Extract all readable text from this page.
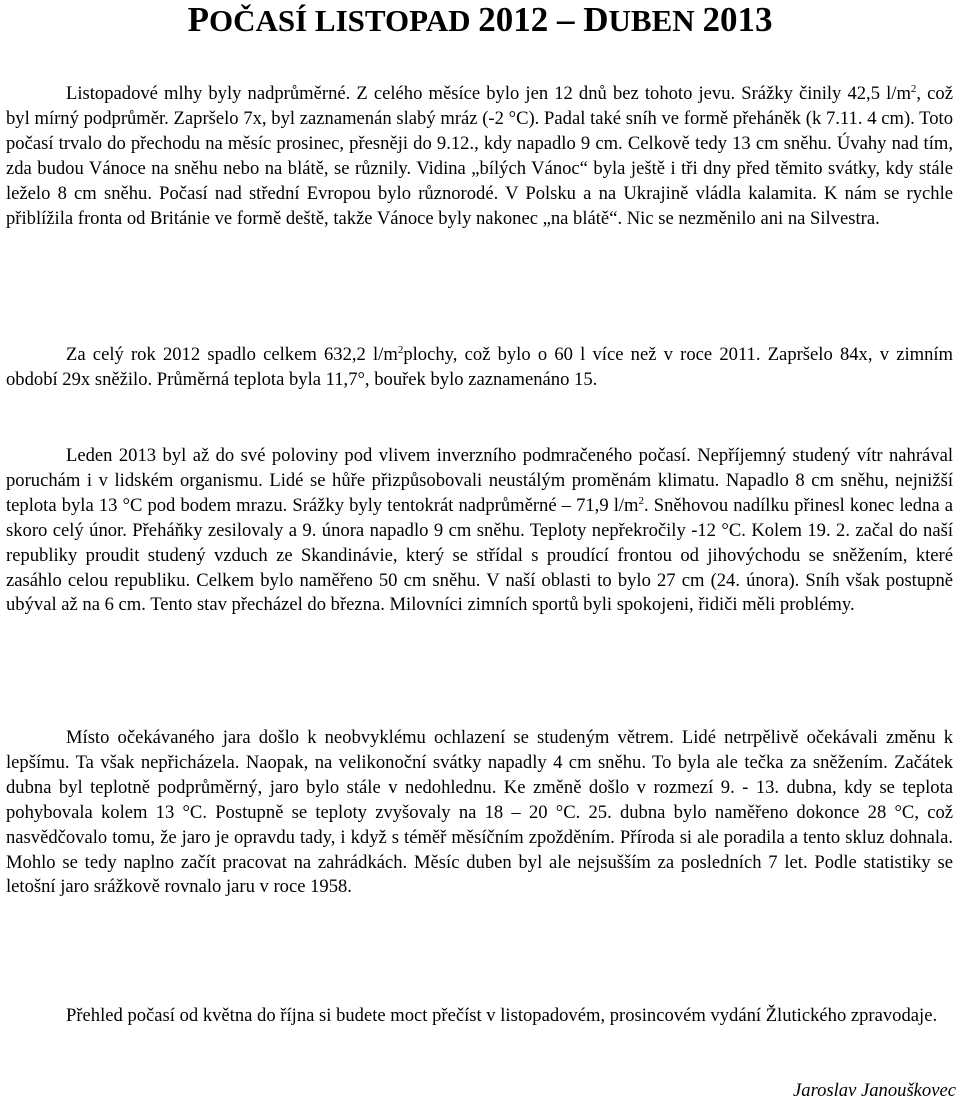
POČASÍ LISTOPAD 2012 – DUBEN 2013

Listopadové mlhy byly nadprůměrné. Z celého měsíce bylo jen 12 dnů bez tohoto jevu. Srážky činily 42,5 $l/m^2$, což byl mírný podprůměr. Zapršelo 7x, byl zaznamenán slabý mráz (-2 °C). Padal také sníh ve formě přeháněk (k 7.11. 4 cm). Toto počasí trvalo do přechodu na měsíc prosinec, přesněji do 9.12., kdy napadlo 9 cm. Celkově tedy 13 cm sněhu. Úvahy nad tím, zda budou Vánoce na sněhu nebo na blátě, se různily. Vidina „bílých Vánoc“ byla ještě i tři dny před těmito svátky, kdy stále leželo 8 cm sněhu. Počasí nad střední Evropou bylo různorodé. V Polsku a na Ukrajině vládla kalamita. K nám se rychle přiblížila fronta od Británie ve formě deště, takže Vánoce byly nakonec „na blátě“. Nic se nezměnilo ani na Silvestra.

Za celý rok 2012 spadlo celkem 632,2 $l/m^2plochy$, což bylo o 60 l více než v roce 2011. Zapršelo 84x, v zimním období 29x sněžilo. Průměrná teplota byla 11,7°, bouřek bylo zaznamenáno 15.

Leden 2013 byl až do své poloviny pod vlivem inverzního podmračeného počasí. Nepříjemný studený vítr nahrával poruchám i v lidském organismu. Lidé se hůře přizpůsobovali neustálým proměnám klimatu. Napadlo 8 cm sněhu, nejnižší teplota byla 13 °C pod bodem mrazu. Srážky byly tentokrát nadprůměrné – 71,9 $l/m^2$. Sněhovou nadílku přinesl konec ledna a skoro celý únor. Přeháňky zesilovaly a 9. února napadlo 9 cm sněhu. Teploty nepřekročily -12 °C. Kolem 19. 2. začal do naší republiky proudit studený vzduch ze Skandinávie, který se střídal s proudící frontou od jihovýchodu se sněžením, které zasáhlo celou republiku. Celkem bylo naměřeno 50 cm sněhu. V naší oblasti to bylo 27 cm (24. února). Sníh však postupně ubýval až na 6 cm. Tento stav přecházel do března. Milovníci zimních sportů byli spokojeni, řidiči měli problémy.

Místo očekávaného jara došlo k neobvyklému ochlazení se studeným větrem. Lidé netrpělivě očekávali změnu k lepšímu. Ta však nepřicházela. Naopak, na velikonoční svátky napadly 4 cm sněhu. To byla ale tečka za sněžením. Začátek dubna byl teplotně podprůměrný, jaro bylo stále v nedohlednu. Ke změně došlo v rozmezí 9. - 13. dubna, kdy se teplota pohybovala kolem 13 °C. Postupně se teploty zvyšovaly na 18 – 20 °C. 25. dubna bylo naměřeno dokonce 28 °C, což nasvědčovalo tomu, že jaro je opravdu tady, i když s téměř měsíčním zpožděním. Příroda si ale poradila a tento skluz dohnala. Mohlo se tedy naplno začít pracovat na zahrádkách. Měsíc duben byl ale nejsušším za posledních 7 let. Podle statistiky se letošní jaro srážkově rovnalo jaru v roce 1958.

Přehled počasí od května do října si budete moct přečíst v listopadovém, prosincovém vydání Žlutického zpravodaje.

Jaroslav Janouškovec
